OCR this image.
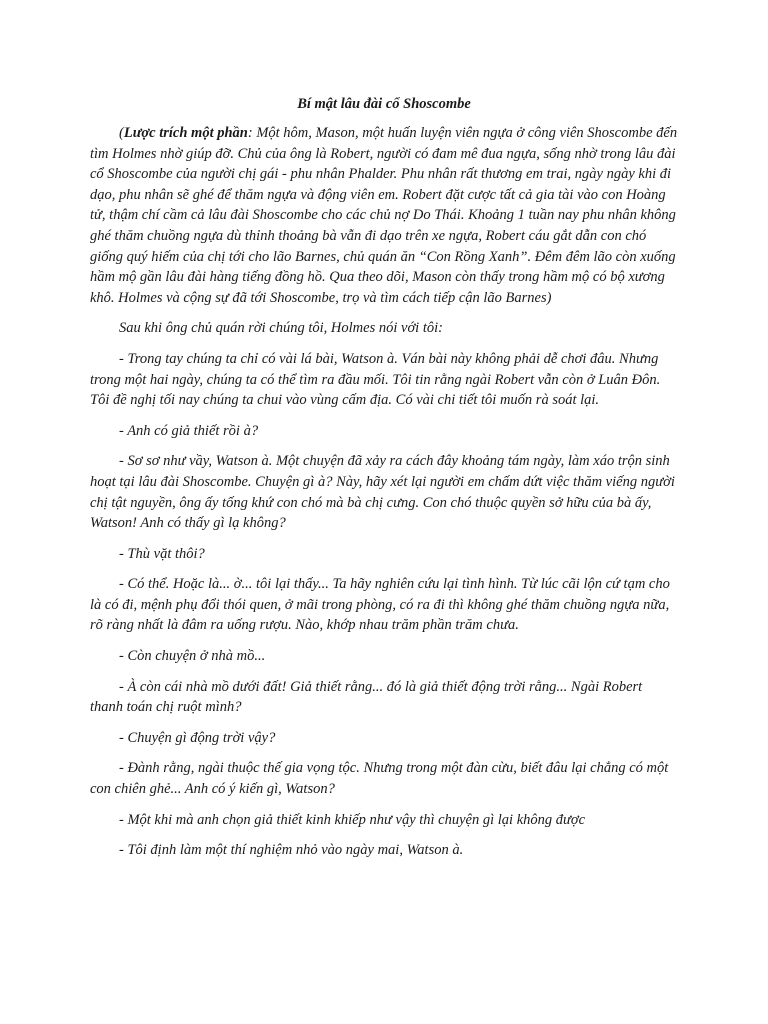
Bí mật lâu đài cổ Shoscombe

(Lược trích một phần: Một hôm, Mason, một huấn luyện viên ngựa ở công viên Shoscombe đến tìm Holmes nhờ giúp đỡ. Chủ của ông là Robert, người có đam mê đua ngựa, sống nhờ trong lâu đài cổ Shoscombe của người chị gái - phu nhân Phalder. Phu nhân rất thương em trai, ngày ngày khi đi dạo, phu nhân sẽ ghé để thăm ngựa và động viên em. Robert đặt cược tất cả gia tài vào con Hoàng tử, thậm chí cầm cả lâu đài Shoscombe cho các chủ nợ Do Thái. Khoảng 1 tuần nay phu nhân không ghé thăm chuồng ngựa dù thỉnh thoảng bà vẫn đi dạo trên xe ngựa, Robert cáu gắt dẫn con chó giống quý hiếm của chị tới cho lão Barnes, chủ quán ăn “Con Rồng Xanh”. Đêm đêm lão còn xuống hầm mộ gần lâu đài hàng tiếng đồng hồ. Qua theo dõi, Mason còn thấy trong hầm mộ có bộ xương khô. Holmes và cộng sự đã tới Shoscombe, trọ và tìm cách tiếp cận lão Barnes)

Sau khi ông chủ quán rời chúng tôi, Holmes nói với tôi:

- Trong tay chúng ta chỉ có vài lá bài, Watson à. Ván bài này không phải dễ chơi đâu. Nhưng trong một hai ngày, chúng ta có thể tìm ra đầu mối. Tôi tin rằng ngài Robert vẫn còn ở Luân Đôn. Tôi đề nghị tối nay chúng ta chui vào vùng cấm địa. Có vài chi tiết tôi muốn rà soát lại.

- Anh có giả thiết rồi à?

- Sơ sơ như vầy, Watson à. Một chuyện đã xảy ra cách đây khoảng tám ngày, làm xáo trộn sinh hoạt tại lâu đài Shoscombe. Chuyện gì à? Này, hãy xét lại người em chấm dứt việc thăm viếng người chị tật nguyền, ông ấy tống khứ con chó mà bà chị cưng. Con chó thuộc quyền sở hữu của bà ấy, Watson! Anh có thấy gì lạ không?

- Thù vặt thôi?

- Có thể. Hoặc là... ờ... tôi lại thấy... Ta hãy nghiên cứu lại tình hình. Từ lúc cãi lộn cứ tạm cho là có đi, mệnh phụ đổi thói quen, ở mãi trong phòng, có ra đi thì không ghé thăm chuồng ngựa nữa, rõ ràng nhất là đâm ra uống rượu. Nào, khớp nhau trăm phần trăm chưa.

- Còn chuyện ở nhà mồ...

- À còn cái nhà mồ dưới đất! Giả thiết rằng... đó là giả thiết động trời rằng... Ngài Robert thanh toán chị ruột mình?

- Chuyện gì động trời vậy?

- Đành rằng, ngài thuộc thế gia vọng tộc. Nhưng trong một đàn cừu, biết đâu lại chẳng có một con chiên ghẻ... Anh có ý kiến gì, Watson?

- Một khi mà anh chọn giả thiết kinh khiếp như vậy thì chuyện gì lại không được

- Tôi định làm một thí nghiệm nhỏ vào ngày mai, Watson à.
